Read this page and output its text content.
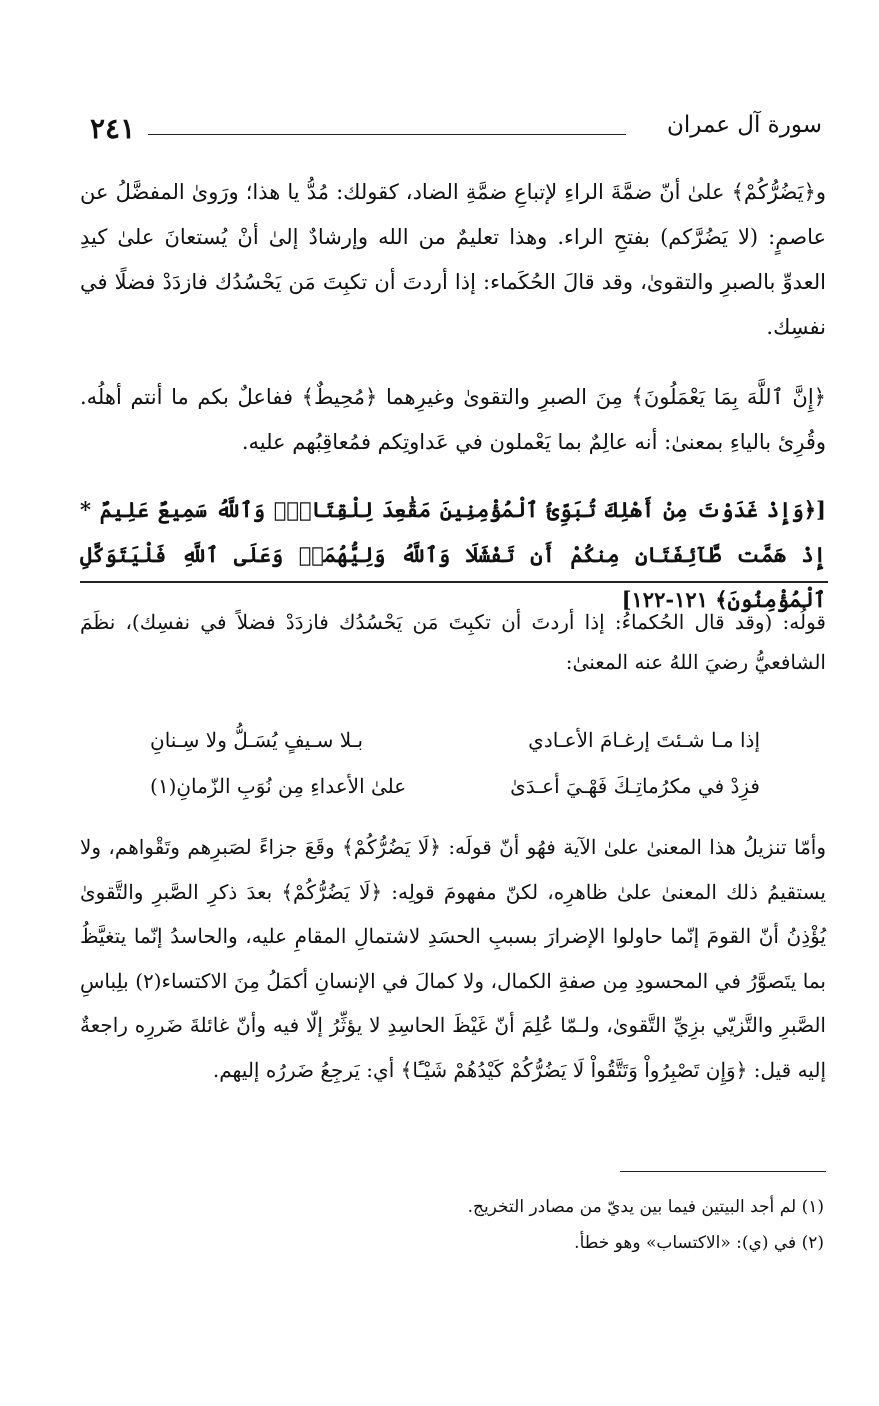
٢٤١	سورة آل عمران

و﴿يَضُرُّكُمْ﴾ علىٰ أنّ ضمَّةَ الراءِ لإتباعِ ضمَّةِ الضاد، كقولك: مُدُّ يا هذا؛ ورَوىٰ المفضَّلُ عن عاصمٍ: (لا يَضُرَّكم) بفتحِ الراء. وهذا تعليمٌ من الله وإرشادٌ إلىٰ أنْ يُستعانَ علىٰ كيدِ العدوِّ بالصبرِ والتقوىٰ، وقد قالَ الحُكَماء: إذا أردتَ أن تكبِتَ مَن يَحْسُدُك فازدَدْ فضلًا في نفسِك.

﴿إِنَّ ٱللَّهَ بِمَا يَعْمَلُونَ﴾ مِنَ الصبرِ والتقوىٰ وغيرِهما ﴿مُحِيطٌ﴾ ففاعلٌ بكم ما أنتم أهلُه. وقُرِئ بالياءِ بمعنىٰ: أنه عالِمٌ بما يَعْملون في عَداوتِكم فمُعاقِبُهم عليه.

[﴿وَإِذْ غَدَوْتَ مِنْ أَهْلِكَ تُبَوِّئُ ٱلْمُؤْمِنِينَ مَقَٰعِدَ لِلْقِتَالِۗ وَٱللَّهُ سَمِيعٌ عَلِيمٌ * إِذْ هَمَّت طَّآئِفَتَانِ مِنكُمْ أَن تَفْشَلَا وَٱللَّهُ وَلِيُّهُمَاۗ وَعَلَى ٱللَّهِ فَلْيَتَوَكَّلِ ٱلْمُؤْمِنُونَ﴾ ١٢١-١٢٢]

قولُه: (وقد قال الحُكماءُ: إذا أردتَ أن تكبِتَ مَن يَحْسُدُك فازدَدْ فضلاً في نفسِك)، نظَمَ الشافعيُّ رضيَ اللهُ عنه المعنىٰ:

إذا مـا شـئتَ إرغـامَ الأعـادي
بـلا سـيفٍ يُسَـلُّ ولا سِـنانِ
فزِدْ في مكرُماتِـكَ فَهْـيَ أعـدَىٰ
علىٰ الأعداءِ مِن نُوَبِ الزّمانِ(١)

وأمّا تنزيلُ هذا المعنىٰ علىٰ الآية فهُو أنّ قولَه: ﴿لَا يَضُرُّكُمْ﴾ وقَعَ جزاءً لصَبرِهم وتَقْواهم، ولا يستقيمُ ذلك المعنىٰ علىٰ ظاهرِه، لكنّ مفهومَ قولِه: ﴿لَا يَضُرُّكُمْ﴾ بعدَ ذكرِ الصَّبرِ والتَّقوىٰ يُؤْذِنُ أنّ القومَ إنّما حاولوا الإضرارَ بسببِ الحسَدِ لاشتمالِ المقامِ عليه، والحاسدُ إنّما يتغيَّظُ بما يتَصوَّرُ في المحسودِ مِن صفةِ الكمال، ولا كمالَ في الإنسانِ أكمَلُ مِنَ الاكتساء(٢) بلِباسِ الصَّبرِ والتَّزيّي بزِيِّ التَّقوىٰ، ولـمّا عُلِمَ أنّ غَيْظَ الحاسِدِ لا يؤثِّرُ إلّا فيه وأنّ غائلةَ ضَررِه راجعةٌ إليه قيل: ﴿وَإِن تَصْبِرُواْ وَتَتَّقُواْ لَا يَضُرُّكُمْ كَيْدُهُمْ شَيْـًٔا﴾ أي: يَرجِعُ ضَررُه إليهم.

(١) لم أجد البيتين فيما بين يديّ من مصادر التخريج.
(٢) في (ي): «الاكتساب» وهو خطأ.
